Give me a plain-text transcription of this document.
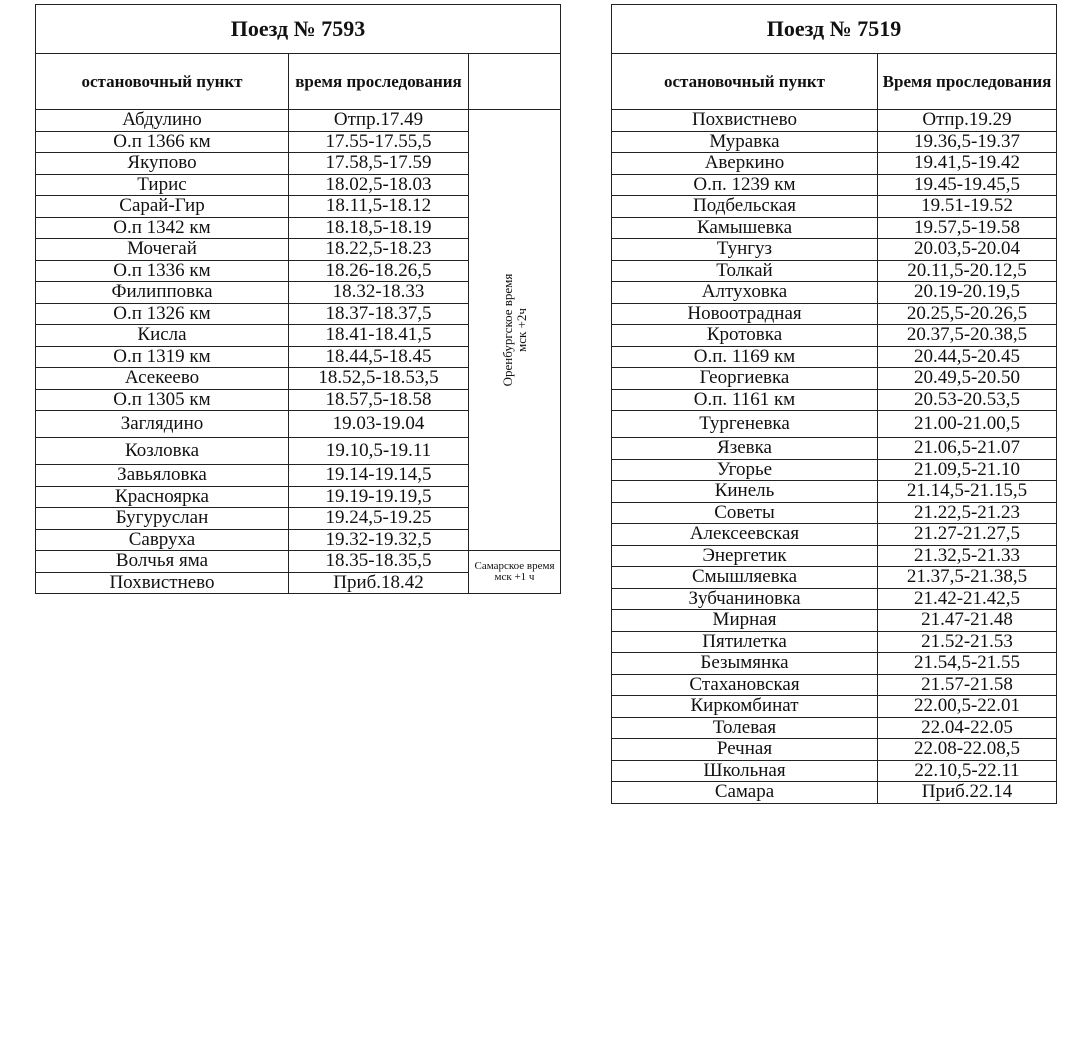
Поезд № 7593		
остановочный пункт	время проследования	
Абдулино	Отпр.17.49	Оренбургское время
мск +2ч

О.п 1366 км	17.55-17.55,5	
Якупово	17.58,5-17.59	
Тирис	18.02,5-18.03	
Сарай-Гир	18.11,5-18.12	
О.п 1342 км	18.18,5-18.19	
Мочегай	18.22,5-18.23	
О.п 1336 км	18.26-18.26,5	
Филипповка	18.32-18.33	
О.п 1326 км	18.37-18.37,5	
Кисла	18.41-18.41,5	
О.п 1319 км	18.44,5-18.45	
Асекеево	18.52,5-18.53,5	
О.п 1305 км	18.57,5-18.58	
Заглядино	19.03-19.04	
Козловка	19.10,5-19.11	
Завьяловка	19.14-19.14,5	
Красноярка	19.19-19.19,5	
Бугуруслан	19.24,5-19.25	
Савруха	19.32-19.32,5	
Волчья яма	18.35-18.35,5	Самарское время мск +1 ч
Похвистнево	Приб.18.42	
Поезд № 7519	
остановочный пункт	Время проследования
Похвистнево	Отпр.19.29
Муравка	19.36,5-19.37
Аверкино	19.41,5-19.42
О.п. 1239 км	19.45-19.45,5
Подбельская	19.51-19.52
Камышевка	19.57,5-19.58
Тунгуз	20.03,5-20.04
Толкай	20.11,5-20.12,5
Алтуховка	20.19-20.19,5
Новоотрадная	20.25,5-20.26,5
Кротовка	20.37,5-20.38,5
О.п. 1169 км	20.44,5-20.45
Георгиевка	20.49,5-20.50
О.п. 1161 км	20.53-20.53,5
Тургеневка	21.00-21.00,5
Язевка	21.06,5-21.07
Угорье	21.09,5-21.10
Кинель	21.14,5-21.15,5
Советы	21.22,5-21.23
Алексеевская	21.27-21.27,5
Энергетик	21.32,5-21.33
Смышляевка	21.37,5-21.38,5
Зубчаниновка	21.42-21.42,5
Мирная	21.47-21.48
Пятилетка	21.52-21.53
Безымянка	21.54,5-21.55
Стахановская	21.57-21.58
Киркомбинат	22.00,5-22.01
Толевая	22.04-22.05
Речная	22.08-22.08,5
Школьная	22.10,5-22.11
Самара	Приб.22.14
